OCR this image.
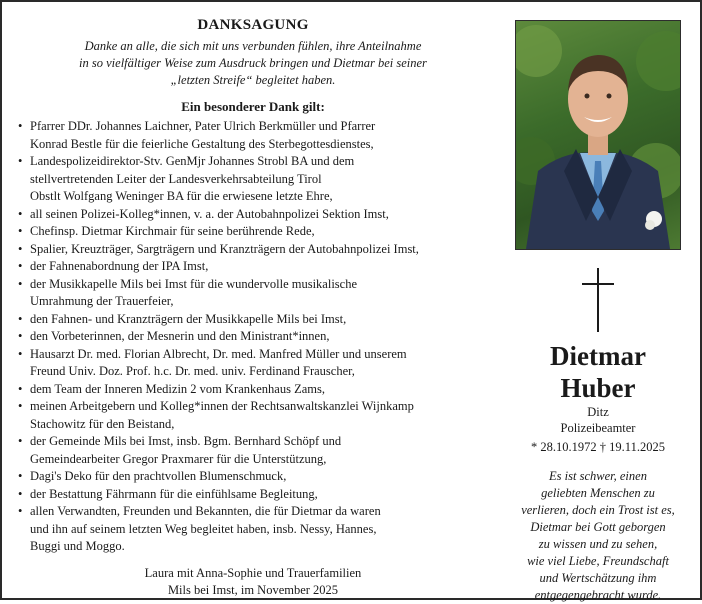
DANKSAGUNG
Danke an alle, die sich mit uns verbunden fühlen, ihre Anteilnahme
in so vielfältiger Weise zum Ausdruck bringen und Dietmar bei seiner
„letzten Streife“ begleitet haben.
Ein besonderer Dank gilt:
• Pfarrer DDr. Johannes Laichner, Pater Ulrich Berkmüller und Pfarrer
Konrad Bestle für die feierliche Gestaltung des Sterbegottesdienstes,
• Landespolizeidirektor-Stv. GenMjr Johannes Strobl BA und dem
stellvertretenden Leiter der Landesverkehrsabteilung Tirol
Obstlt Wolfgang Weninger BA für die erwiesene letzte Ehre,
• all seinen Polizei-Kolleg*innen, v. a. der Autobahnpolizei Sektion Imst,
• Chefinsp. Dietmar Kirchmair für seine berührende Rede,
• Spalier, Kreuzträger, Sargträgern und Kranzträgern der Autobahnpolizei Imst,
• der Fahnenabordnung der IPA Imst,
• der Musikkapelle Mils bei Imst für die wundervolle musikalische
Umrahmung der Trauerfeier,
• den Fahnen- und Kranzträgern der Musikkapelle Mils bei Imst,
• den Vorbeterinnen, der Mesnerin und den Ministrant*innen,
• Hausarzt Dr. med. Florian Albrecht, Dr. med. Manfred Müller und unserem
Freund Univ. Doz. Prof. h.c. Dr. med. univ. Ferdinand Frauscher,
• dem Team der Inneren Medizin 2 vom Krankenhaus Zams,
• meinen Arbeitgebern und Kolleg*innen der Rechtsanwaltskanzlei Wijnkamp
Stachowitz für den Beistand,
• der Gemeinde Mils bei Imst, insb. Bgm. Bernhard Schöpf und
Gemeindearbeiter Gregor Praxmarer für die Unterstützung,
• Dagi's Deko für den prachtvollen Blumenschmuck,
• der Bestattung Fährmann für die einfühlsame Begleitung,
• allen Verwandten, Freunden und Bekannten, die für Dietmar da waren
und ihn auf seinem letzten Weg begleitet haben, insb. Nessy, Hannes,
Buggi und Moggo.
Laura mit Anna-Sophie und Trauerfamilien
Mils bei Imst, im November 2025
Dietmar
Huber
Ditz
Polizeibeamter
* 28.10.1972 † 19.11.2025
Es ist schwer, einen
geliebten Menschen zu
verlieren, doch ein Trost ist es,
Dietmar bei Gott geborgen
zu wissen und zu sehen,
wie viel Liebe, Freundschaft
und Wertschätzung ihm
entgegengebracht wurde.
